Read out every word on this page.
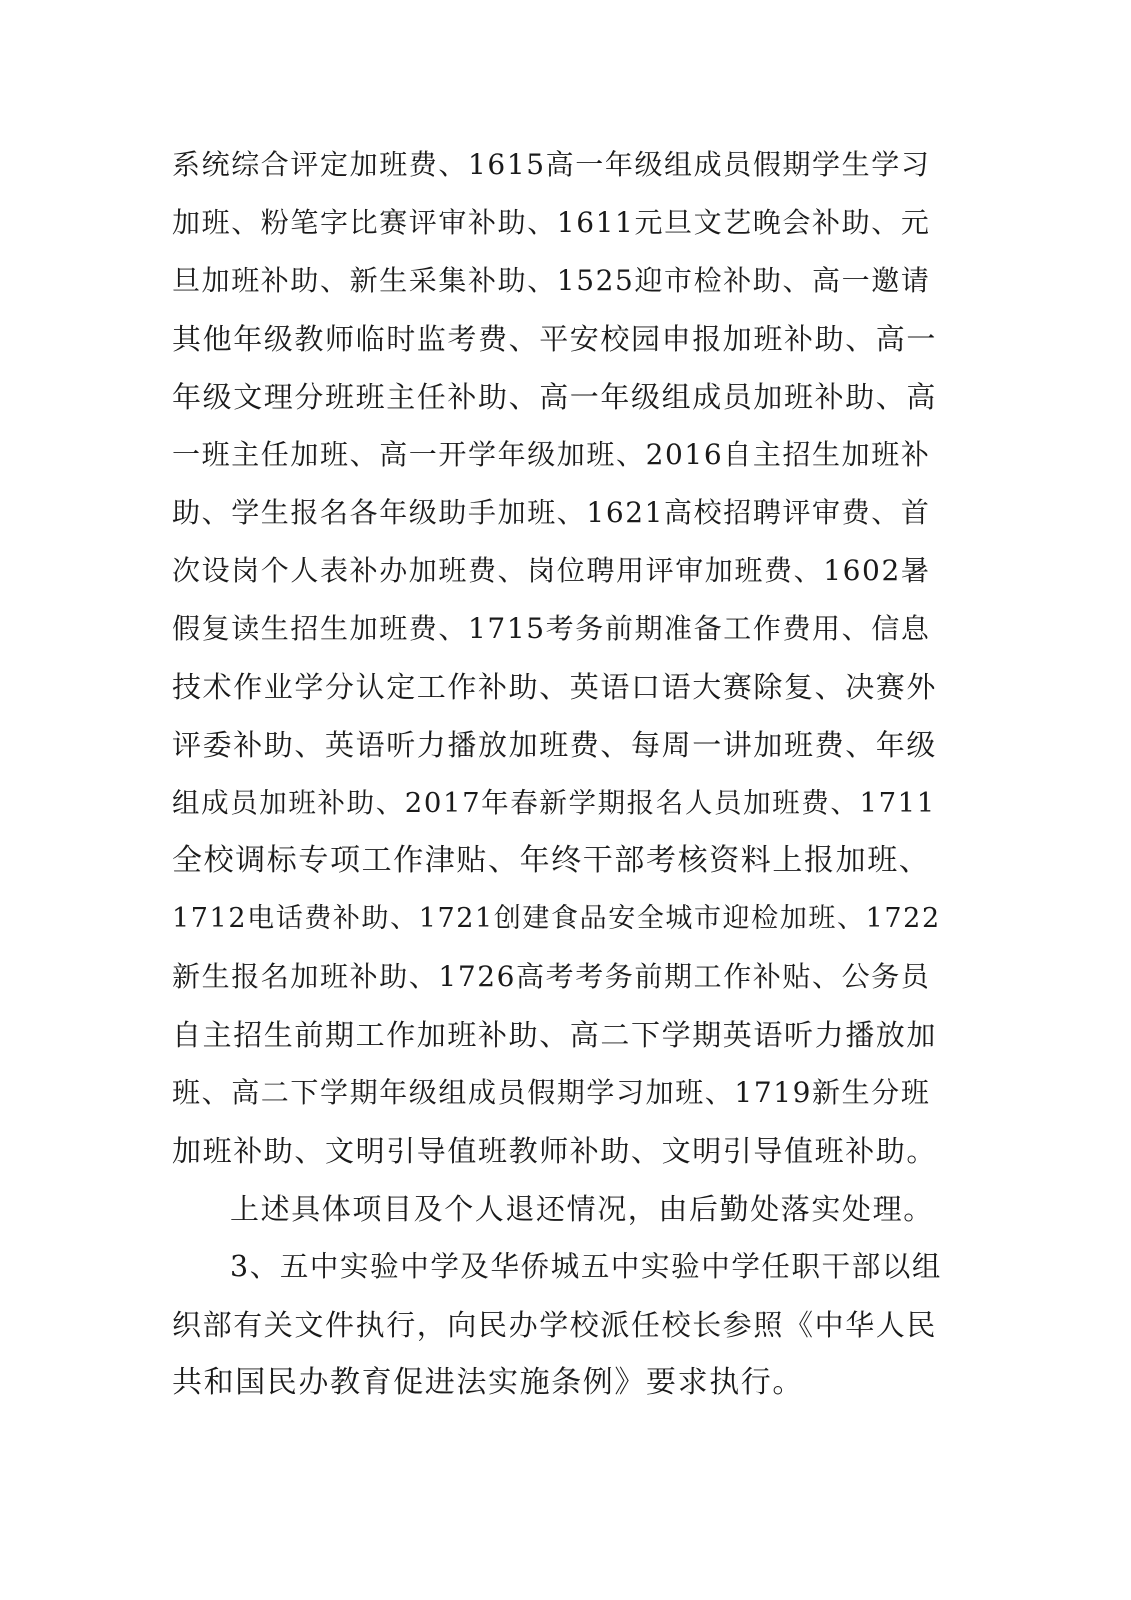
系统综合评定加班费、1615高一年级组成员假期学生学习
加班、粉笔字比赛评审补助、1611元旦文艺晚会补助、元
旦加班补助、新生采集补助、1525迎市检补助、高一邀请
其他年级教师临时监考费、平安校园申报加班补助、高一
年级文理分班班主任补助、高一年级组成员加班补助、高
一班主任加班、高一开学年级加班、2016自主招生加班补
助、学生报名各年级助手加班、1621高校招聘评审费、首
次设岗个人表补办加班费、岗位聘用评审加班费、1602暑
假复读生招生加班费、1715考务前期准备工作费用、信息
技术作业学分认定工作补助、英语口语大赛除复、决赛外
评委补助、英语听力播放加班费、每周一讲加班费、年级
组成员加班补助、2017年春新学期报名人员加班费、1711
全校调标专项工作津贴、年终干部考核资料上报加班、
1712电话费补助、1721创建食品安全城市迎检加班、1722
新生报名加班补助、1726高考考务前期工作补贴、公务员
自主招生前期工作加班补助、高二下学期英语听力播放加
班、高二下学期年级组成员假期学习加班、1719新生分班
加班补助、文明引导值班教师补助、文明引导值班补助。
上述具体项目及个人退还情况，由后勤处落实处理。
3、五中实验中学及华侨城五中实验中学任职干部以组
织部有关文件执行，向民办学校派任校长参照《中华人民
共和国民办教育促进法实施条例》要求执行。
